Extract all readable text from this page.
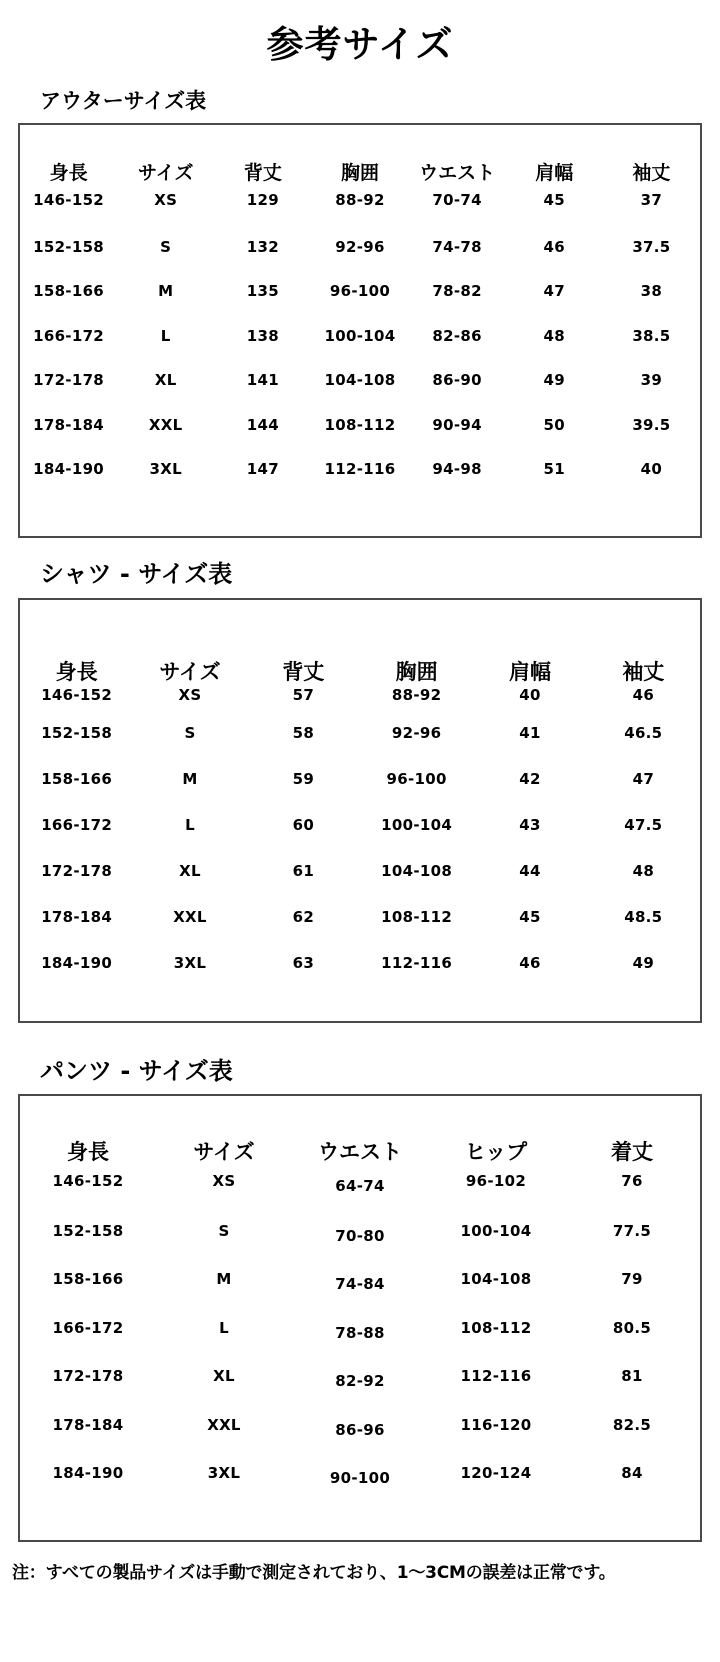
参考サイズ
アウターサイズ表
身長	サイズ	背丈	胸囲	ウエスト	肩幅	袖丈
146-152	XS	129	88-92	70-74	45	37
152-158	S	132	92-96	74-78	46	37.5
158-166	M	135	96-100	78-82	47	38
166-172	L	138	100-104	82-86	48	38.5
172-178	XL	141	104-108	86-90	49	39
178-184	XXL	144	108-112	90-94	50	39.5
184-190	3XL	147	112-116	94-98	51	40
シャツ - サイズ表
身長	サイズ	背丈	胸囲	肩幅	袖丈
146-152	XS	57	88-92	40	46
152-158	S	58	92-96	41	46.5
158-166	M	59	96-100	42	47
166-172	L	60	100-104	43	47.5
172-178	XL	61	104-108	44	48
178-184	XXL	62	108-112	45	48.5
184-190	3XL	63	112-116	46	49
パンツ - サイズ表
身長	サイズ	ウエスト	ヒップ	着丈
146-152	XS	64-74	96-102	76
152-158	S	70-80	100-104	77.5
158-166	M	74-84	104-108	79
166-172	L	78-88	108-112	80.5
172-178	XL	82-92	112-116	81
178-184	XXL	86-96	116-120	82.5
184-190	3XL	90-100	120-124	84
注：すべての製品サイズは手動で測定されており、1〜3CMの誤差は正常です。
